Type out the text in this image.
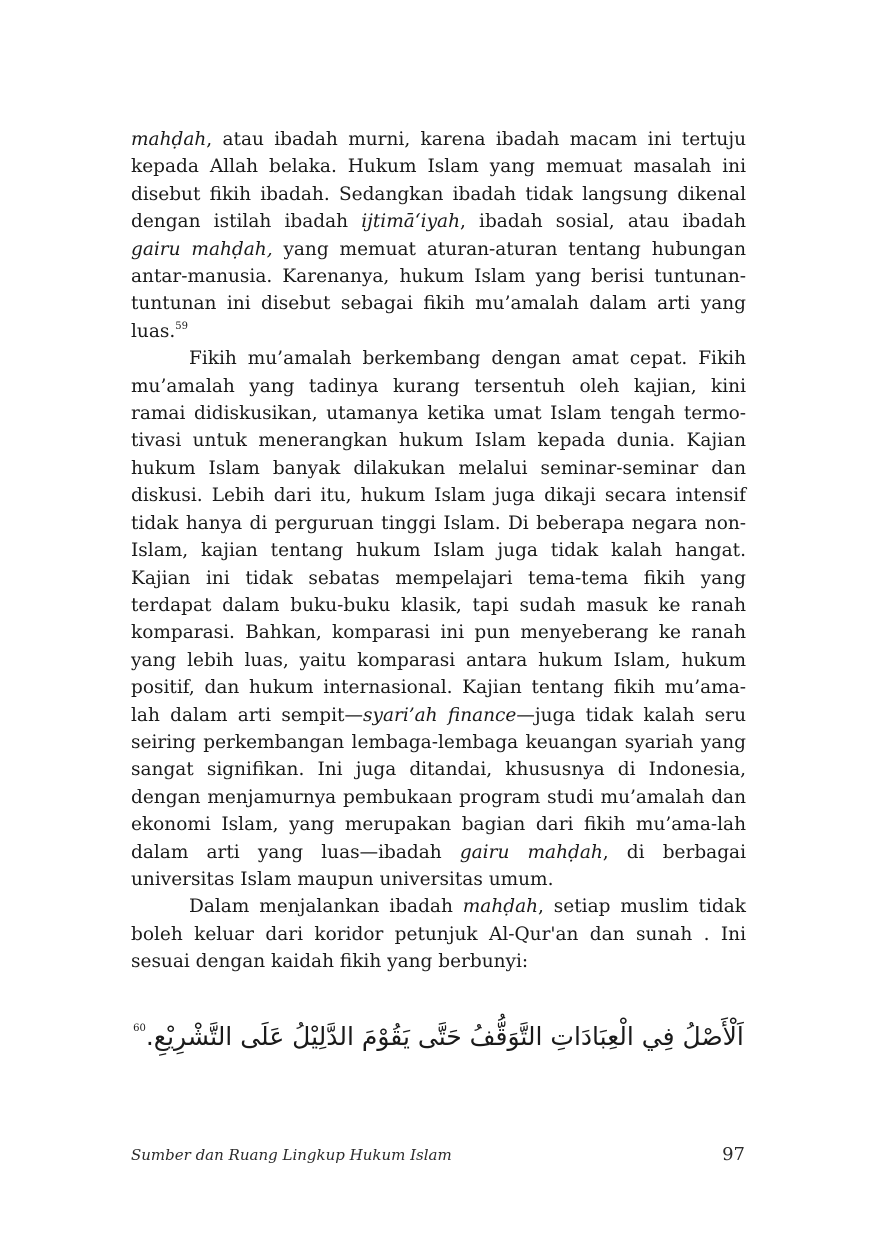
mahḍah, atau ibadah murni, karena ibadah macam ini tertuju kepada Allah belaka. Hukum Islam yang memuat masalah ini disebut fikih ibadah. Sedangkan ibadah tidak langsung dikenal dengan istilah ibadah ijtimā‘iyah, ibadah sosial, atau ibadah gairu mahḍah, yang memuat aturan-aturan tentang hubungan antar-manusia. Karenanya, hukum Islam yang berisi tuntunan-tuntunan ini disebut sebagai fikih mu’amalah dalam arti yang luas.$^{59}$

Fikih mu’amalah berkembang dengan amat cepat. Fikih mu’amalah yang tadinya kurang tersentuh oleh kajian, kini ramai didiskusikan, utamanya ketika umat Islam tengah termo-tivasi untuk menerangkan hukum Islam kepada dunia. Kajian hukum Islam banyak dilakukan melalui seminar-seminar dan diskusi. Lebih dari itu, hukum Islam juga dikaji secara intensif tidak hanya di perguruan tinggi Islam. Di beberapa negara non-Islam, kajian tentang hukum Islam juga tidak kalah hangat. Kajian ini tidak sebatas mempelajari tema-tema fikih yang terdapat dalam buku-buku klasik, tapi sudah masuk ke ranah komparasi. Bahkan, komparasi ini pun menyeberang ke ranah yang lebih luas, yaitu komparasi antara hukum Islam, hukum positif, dan hukum internasional. Kajian tentang fikih mu’ama-lah dalam arti sempit—syari’ah finance—juga tidak kalah seru seiring perkembangan lembaga-lembaga keuangan syariah yang sangat signifikan. Ini juga ditandai, khususnya di Indonesia, dengan menjamurnya pembukaan program studi mu’amalah dan ekonomi Islam, yang merupakan bagian dari fikih mu’ama-lah dalam arti yang luas—ibadah gairu mahḍah, di berbagai universitas Islam maupun universitas umum.

Dalam menjalankan ibadah mahḍah, setiap muslim tidak boleh keluar dari koridor petunjuk Al-Qur'an dan sunah . Ini sesuai dengan kaidah fikih yang berbunyi:

اَلْأَصْلُ فِي الْعِبَادَاتِ التَّوَقُّفُ حَتَّى يَقُوْمَ الدَّلِيْلُ عَلَى التَّشْرِيْعِ.$^{60}$
Sumber dan Ruang Lingkup Hukum Islam	97
